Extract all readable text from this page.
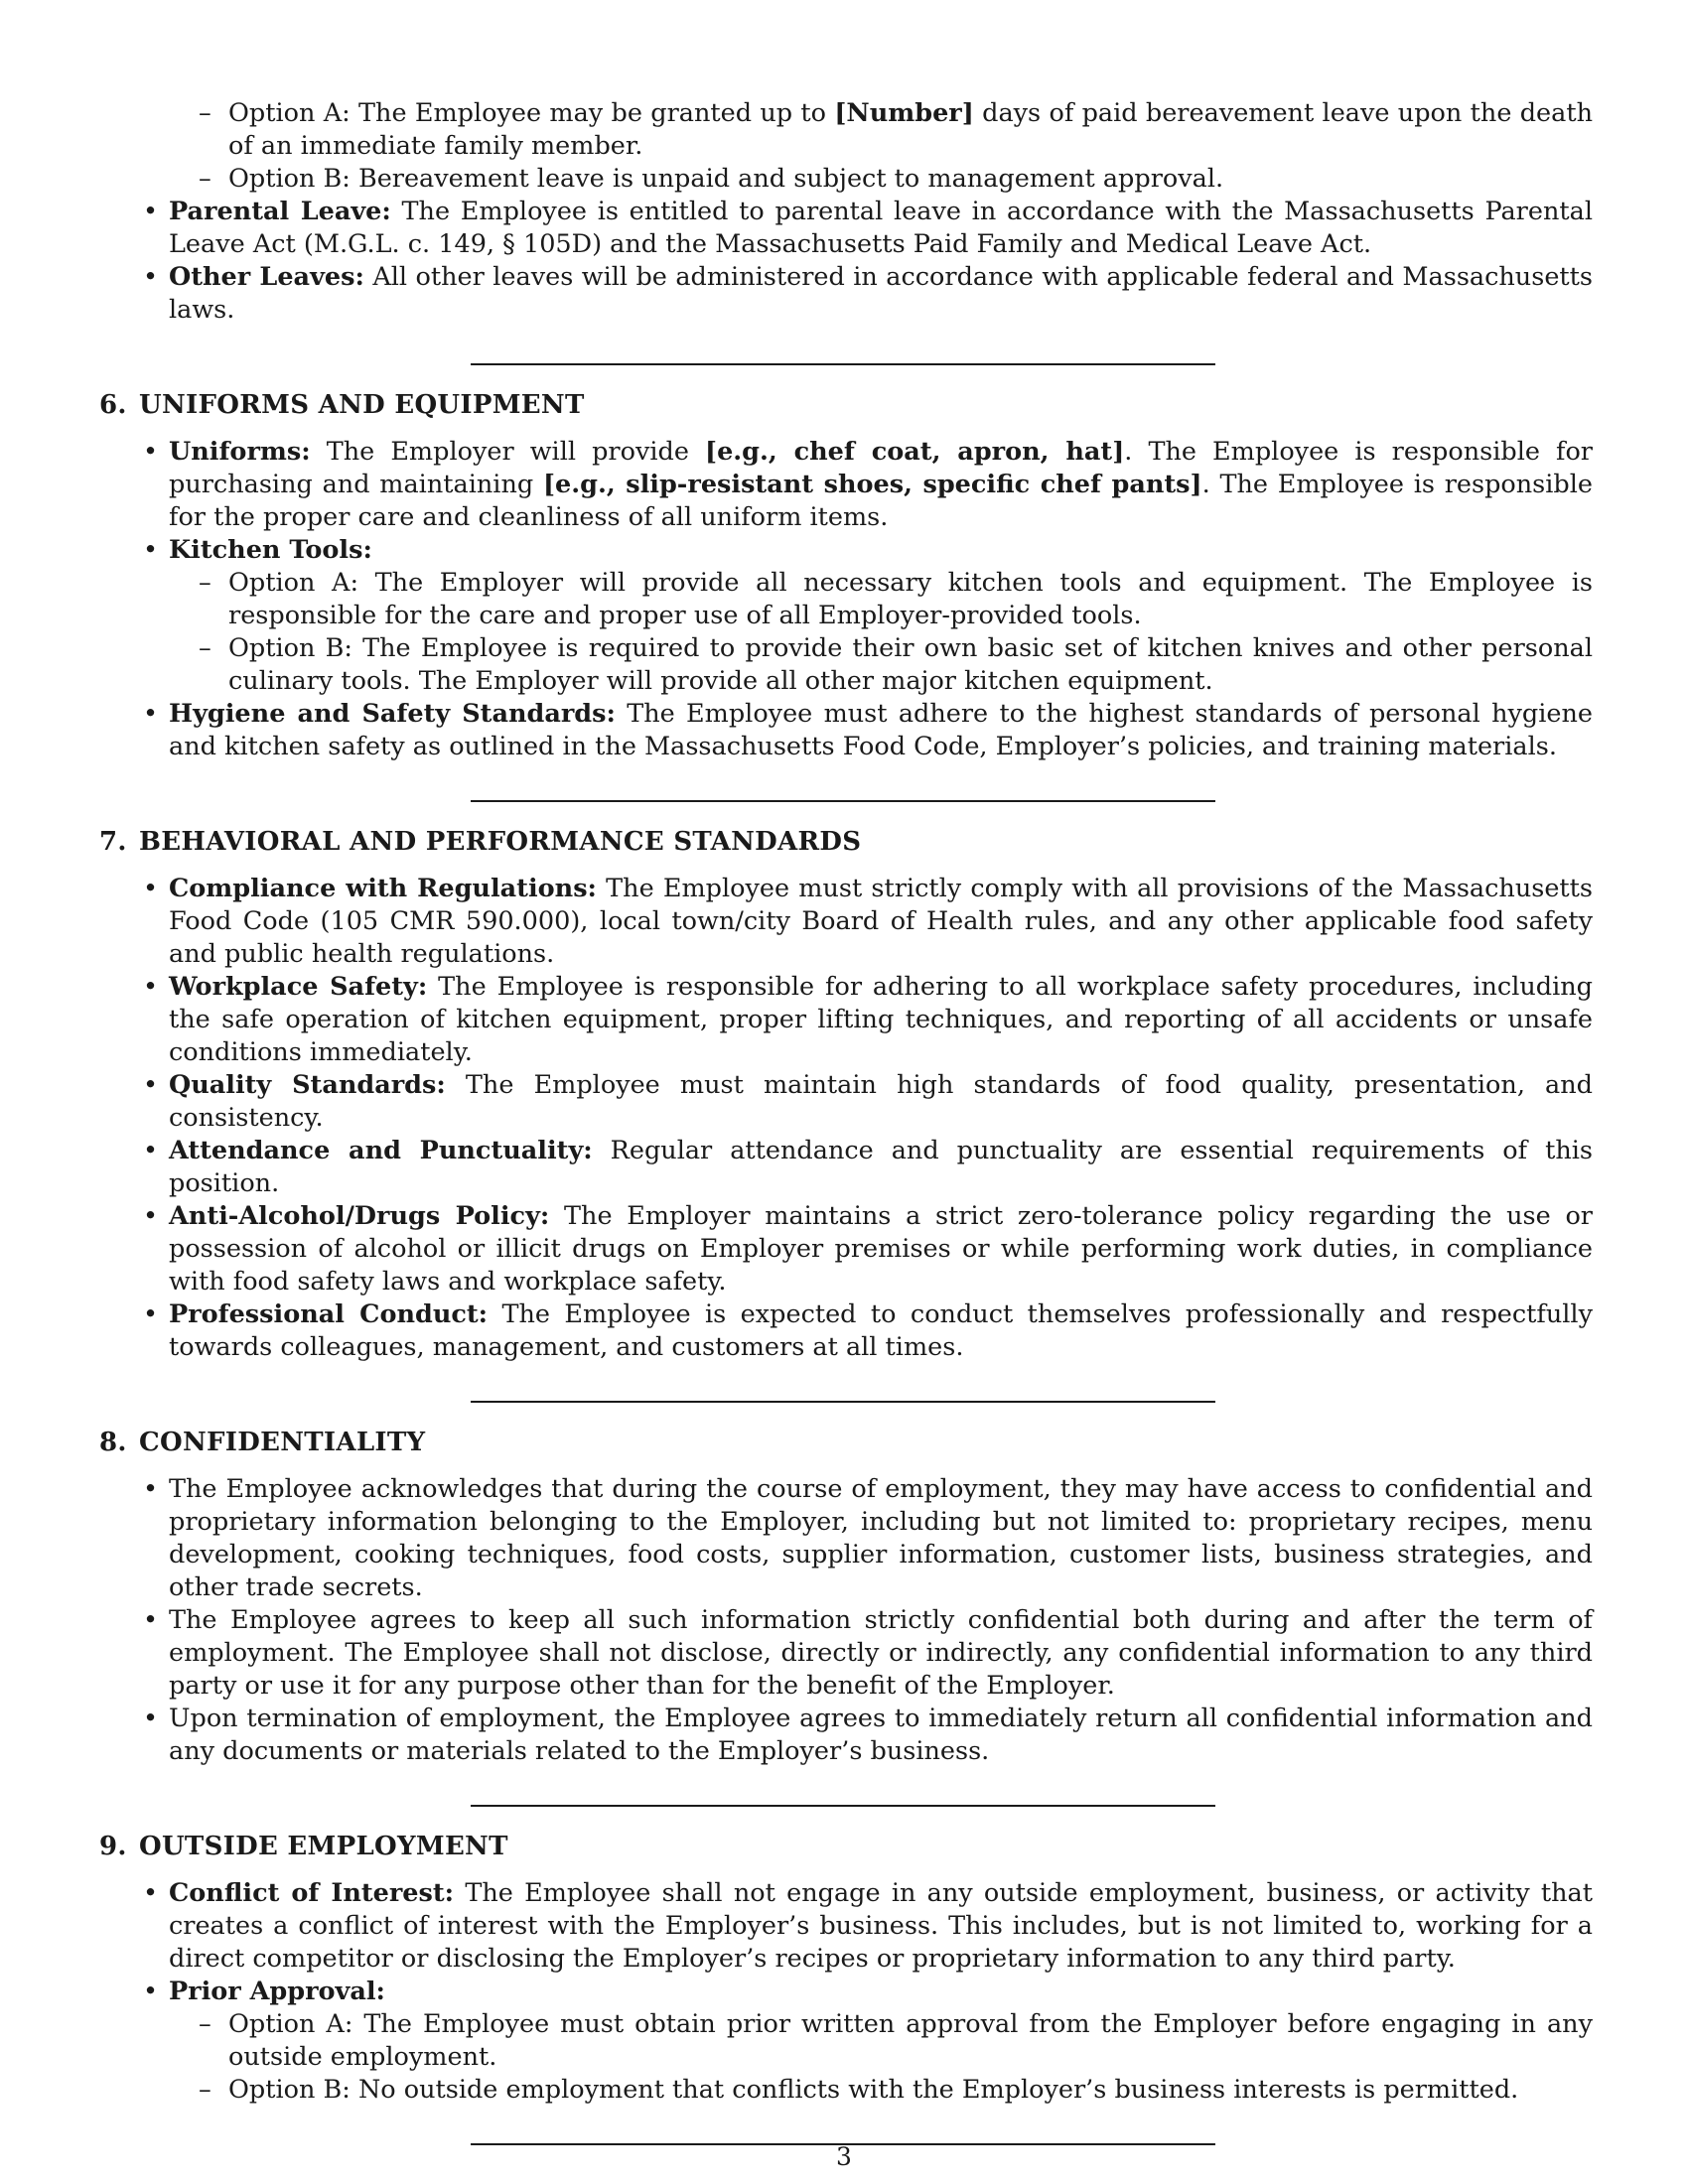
– Option A: The Employee may be granted up to [Number] days of paid bereavement leave upon the death of an immediate family member.
– Option B: Bereavement leave is unpaid and subject to management approval.
• Parental Leave: The Employee is entitled to parental leave in accordance with the Massachusetts Parental Leave Act (M.G.L. c. 149, § 105D) and the Massachusetts Paid Family and Medical Leave Act.
• Other Leaves: All other leaves will be administered in accordance with applicable federal and Massachusetts laws.
6. UNIFORMS AND EQUIPMENT
• Uniforms: The Employer will provide [e.g., chef coat, apron, hat]. The Employee is responsible for purchasing and maintaining [e.g., slip-resistant shoes, specific chef pants]. The Employee is responsible for the proper care and cleanliness of all uniform items.
• Kitchen Tools:
– Option A: The Employer will provide all necessary kitchen tools and equipment. The Employee is responsible for the care and proper use of all Employer-provided tools.
– Option B: The Employee is required to provide their own basic set of kitchen knives and other personal culinary tools. The Employer will provide all other major kitchen equipment.
• Hygiene and Safety Standards: The Employee must adhere to the highest standards of personal hygiene and kitchen safety as outlined in the Massachusetts Food Code, Employer’s policies, and training materials.
7. BEHAVIORAL AND PERFORMANCE STANDARDS
• Compliance with Regulations: The Employee must strictly comply with all provisions of the Massachusetts Food Code (105 CMR 590.000), local town/city Board of Health rules, and any other applicable food safety and public health regulations.
• Workplace Safety: The Employee is responsible for adhering to all workplace safety procedures, including the safe operation of kitchen equipment, proper lifting techniques, and reporting of all accidents or unsafe conditions immediately.
• Quality Standards: The Employee must maintain high standards of food quality, presentation, and consistency.
• Attendance and Punctuality: Regular attendance and punctuality are essential requirements of this position.
• Anti-Alcohol/Drugs Policy: The Employer maintains a strict zero-tolerance policy regarding the use or possession of alcohol or illicit drugs on Employer premises or while performing work duties, in compliance with food safety laws and workplace safety.
• Professional Conduct: The Employee is expected to conduct themselves professionally and respectfully towards colleagues, management, and customers at all times.
8. CONFIDENTIALITY
• The Employee acknowledges that during the course of employment, they may have access to confidential and proprietary information belonging to the Employer, including but not limited to: proprietary recipes, menu development, cooking techniques, food costs, supplier information, customer lists, business strategies, and other trade secrets.
• The Employee agrees to keep all such information strictly confidential both during and after the term of employment. The Employee shall not disclose, directly or indirectly, any confidential information to any third party or use it for any purpose other than for the benefit of the Employer.
• Upon termination of employment, the Employee agrees to immediately return all confidential information and any documents or materials related to the Employer’s business.
9. OUTSIDE EMPLOYMENT
• Conflict of Interest: The Employee shall not engage in any outside employment, business, or activity that creates a conflict of interest with the Employer’s business. This includes, but is not limited to, working for a direct competitor or disclosing the Employer’s recipes or proprietary information to any third party.
• Prior Approval:
– Option A: The Employee must obtain prior written approval from the Employer before engaging in any outside employment.
– Option B: No outside employment that conflicts with the Employer’s business interests is permitted.
3
